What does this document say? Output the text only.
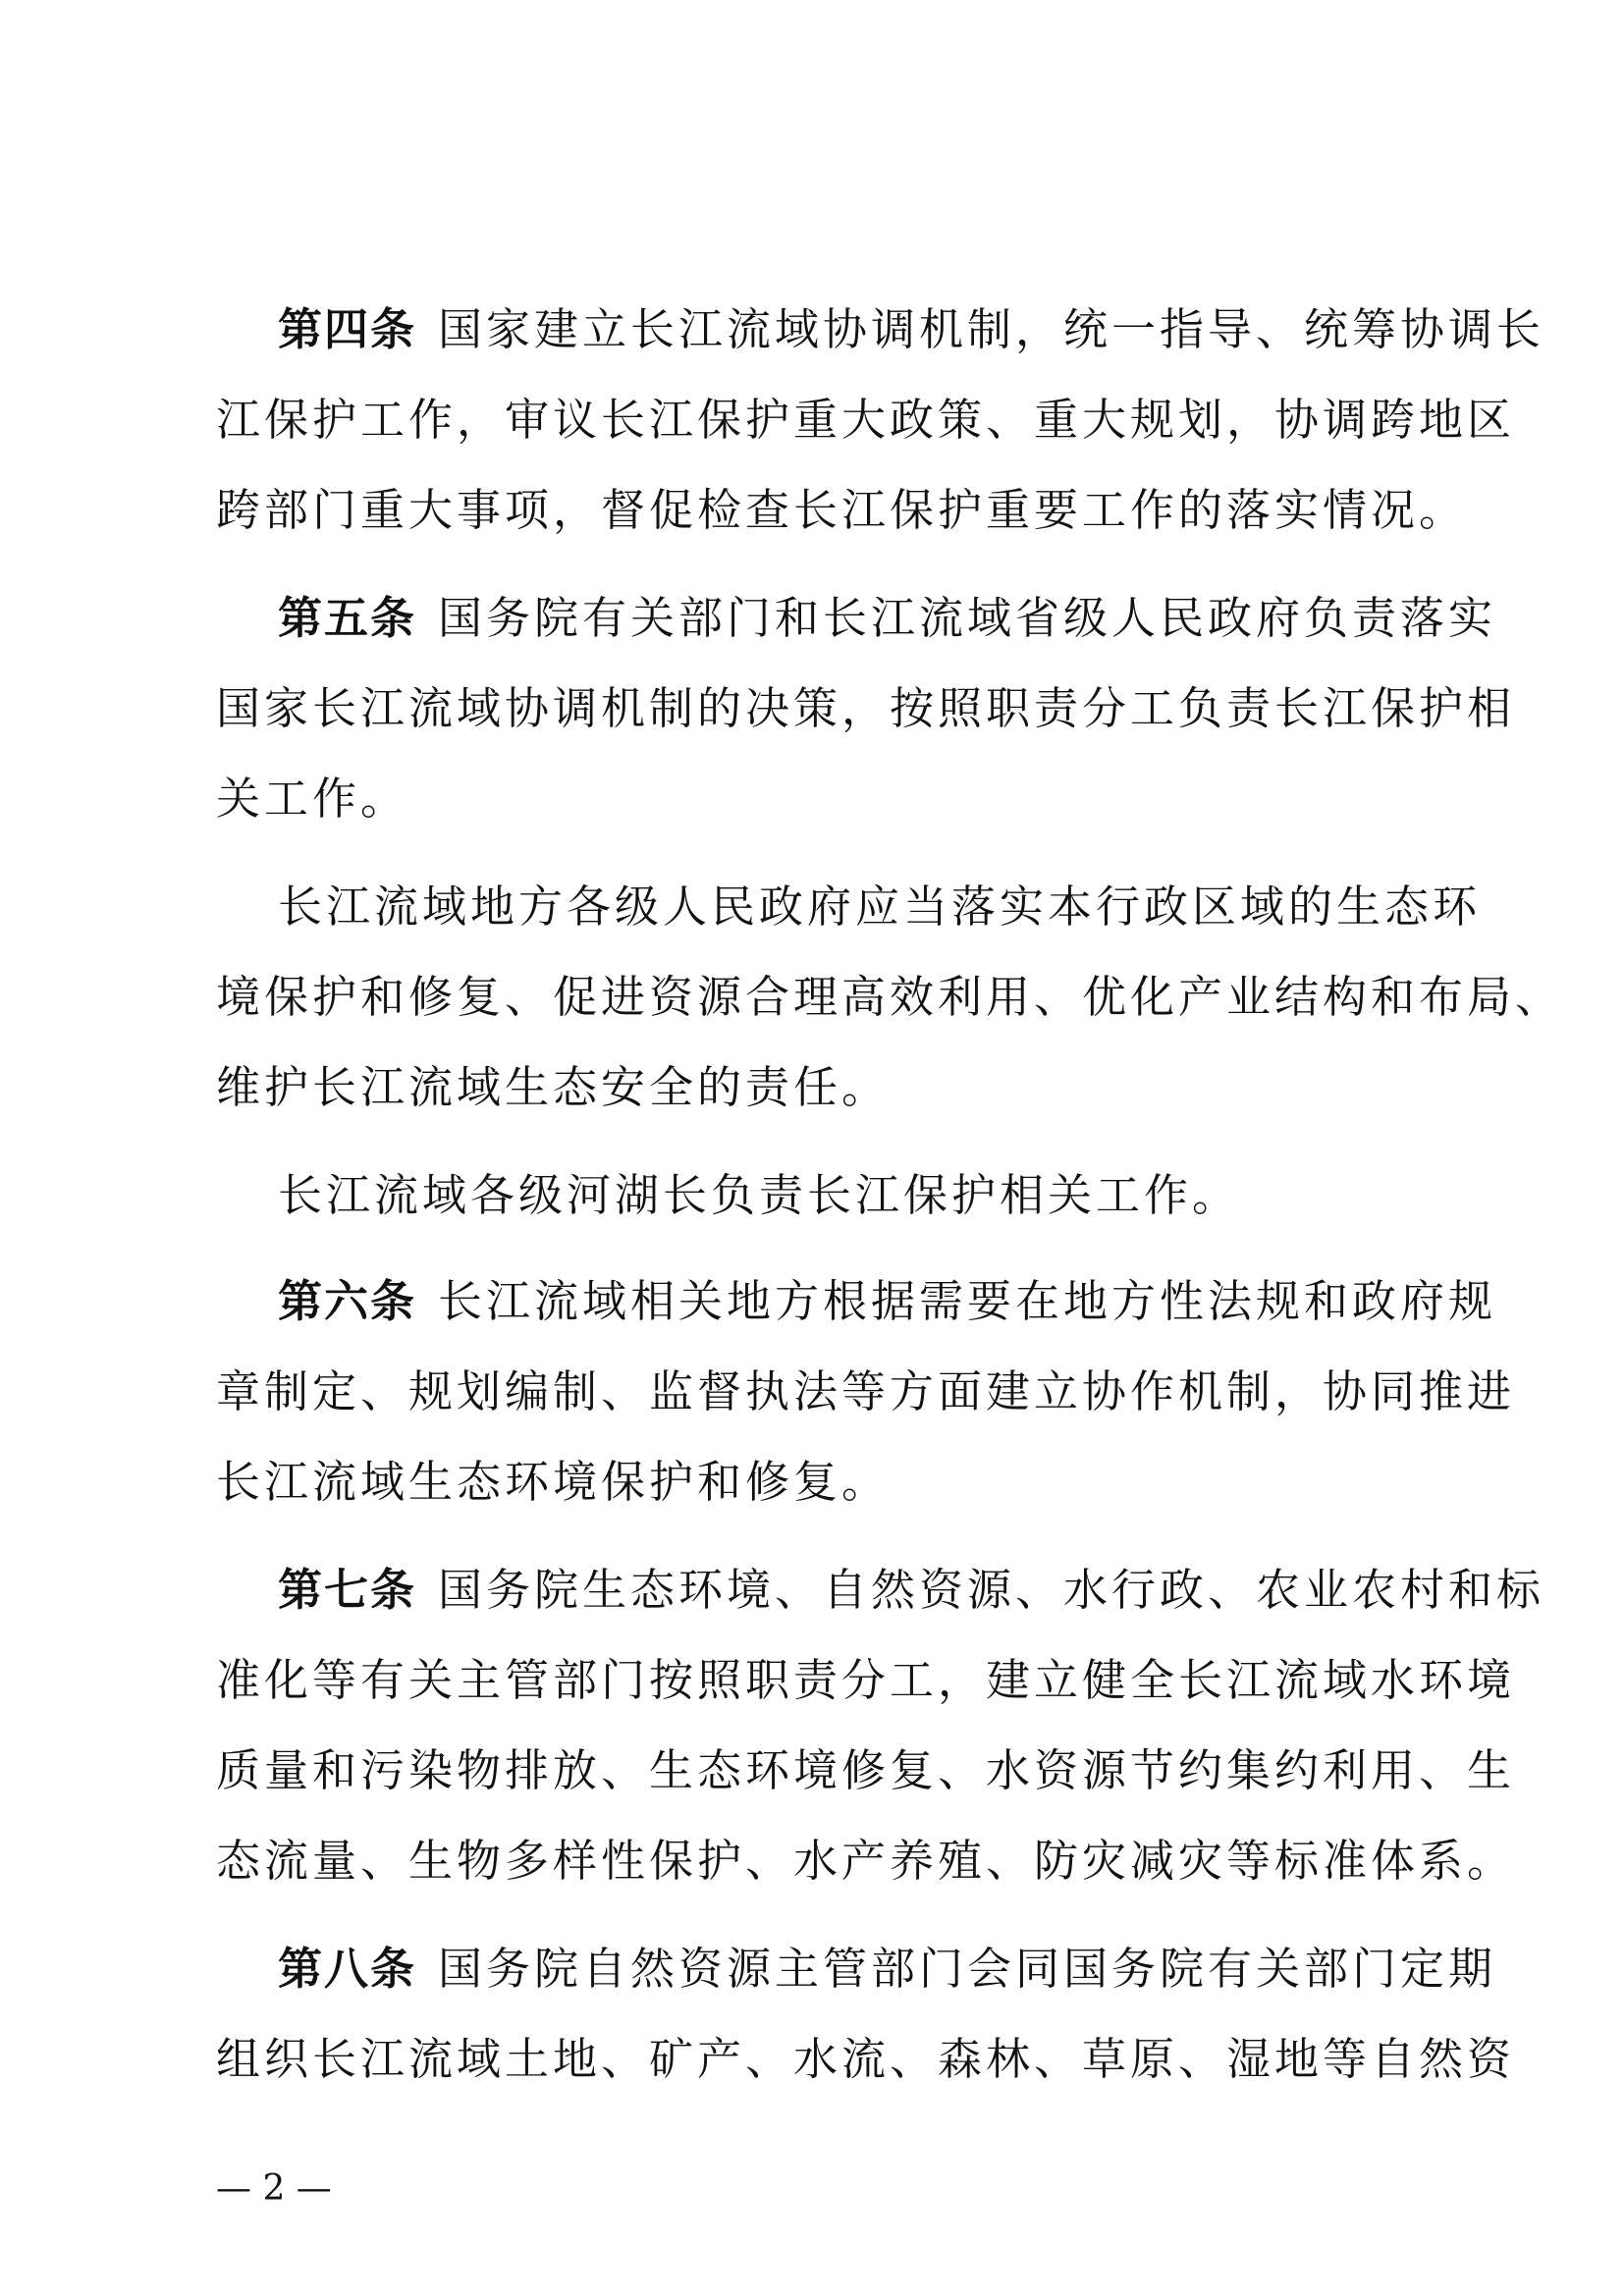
第四条 国家建立长江流域协调机制，统一指导、统筹协调长
江保护工作，审议长江保护重大政策、重大规划，协调跨地区
跨部门重大事项，督促检查长江保护重要工作的落实情况。
第五条 国务院有关部门和长江流域省级人民政府负责落实
国家长江流域协调机制的决策，按照职责分工负责长江保护相
关工作。
长江流域地方各级人民政府应当落实本行政区域的生态环
境保护和修复、促进资源合理高效利用、优化产业结构和布局、
维护长江流域生态安全的责任。
长江流域各级河湖长负责长江保护相关工作。
第六条 长江流域相关地方根据需要在地方性法规和政府规
章制定、规划编制、监督执法等方面建立协作机制，协同推进
长江流域生态环境保护和修复。
第七条 国务院生态环境、自然资源、水行政、农业农村和标
准化等有关主管部门按照职责分工，建立健全长江流域水环境
质量和污染物排放、生态环境修复、水资源节约集约利用、生
态流量、生物多样性保护、水产养殖、防灾减灾等标准体系。
第八条 国务院自然资源主管部门会同国务院有关部门定期
组织长江流域土地、矿产、水流、森林、草原、湿地等自然资
— 2 —
